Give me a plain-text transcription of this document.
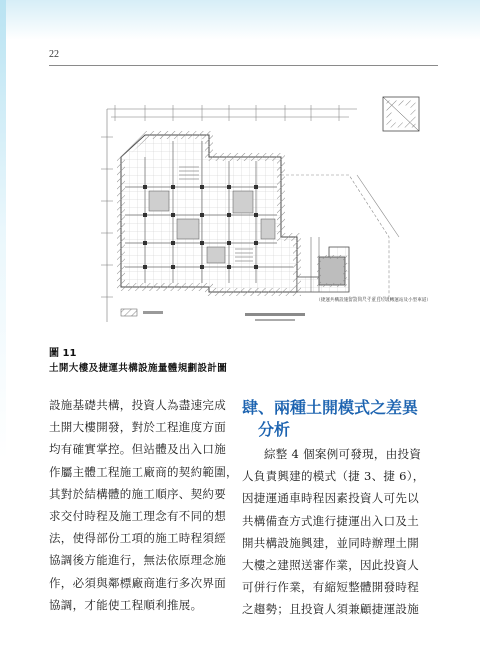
22
（捷運共構設施留設同尺寸並且垃圾轉運站及小型車道）
圖 11
土開大樓及捷運共構設施量體規劃設計圖
設施基礎共構，投資人為盡速完成
土開大樓開發，對於工程進度方面
均有確實掌控。但站體及出入口施
作屬主體工程施工廠商的契約範圍，
其對於結構體的施工順序、契約要
求交付時程及施工理念有不同的想
法，使得部份工項的施工時程須經
協調後方能進行，無法依原理念施
作，必須與鄰標廠商進行多次界面
協調，才能使工程順利推展。
肆、兩種土開模式之差異
分析
綜整 4 個案例可發現，由投資
人負責興建的模式（捷 3、捷 6），
因捷運通車時程因素投資人可先以
共構備查方式進行捷運出入口及土
開共構設施興建，並同時辦理土開
大樓之建照送審作業，因此投資人
可併行作業，有縮短整體開發時程
之趨勢；且投資人須兼顧捷運設施
